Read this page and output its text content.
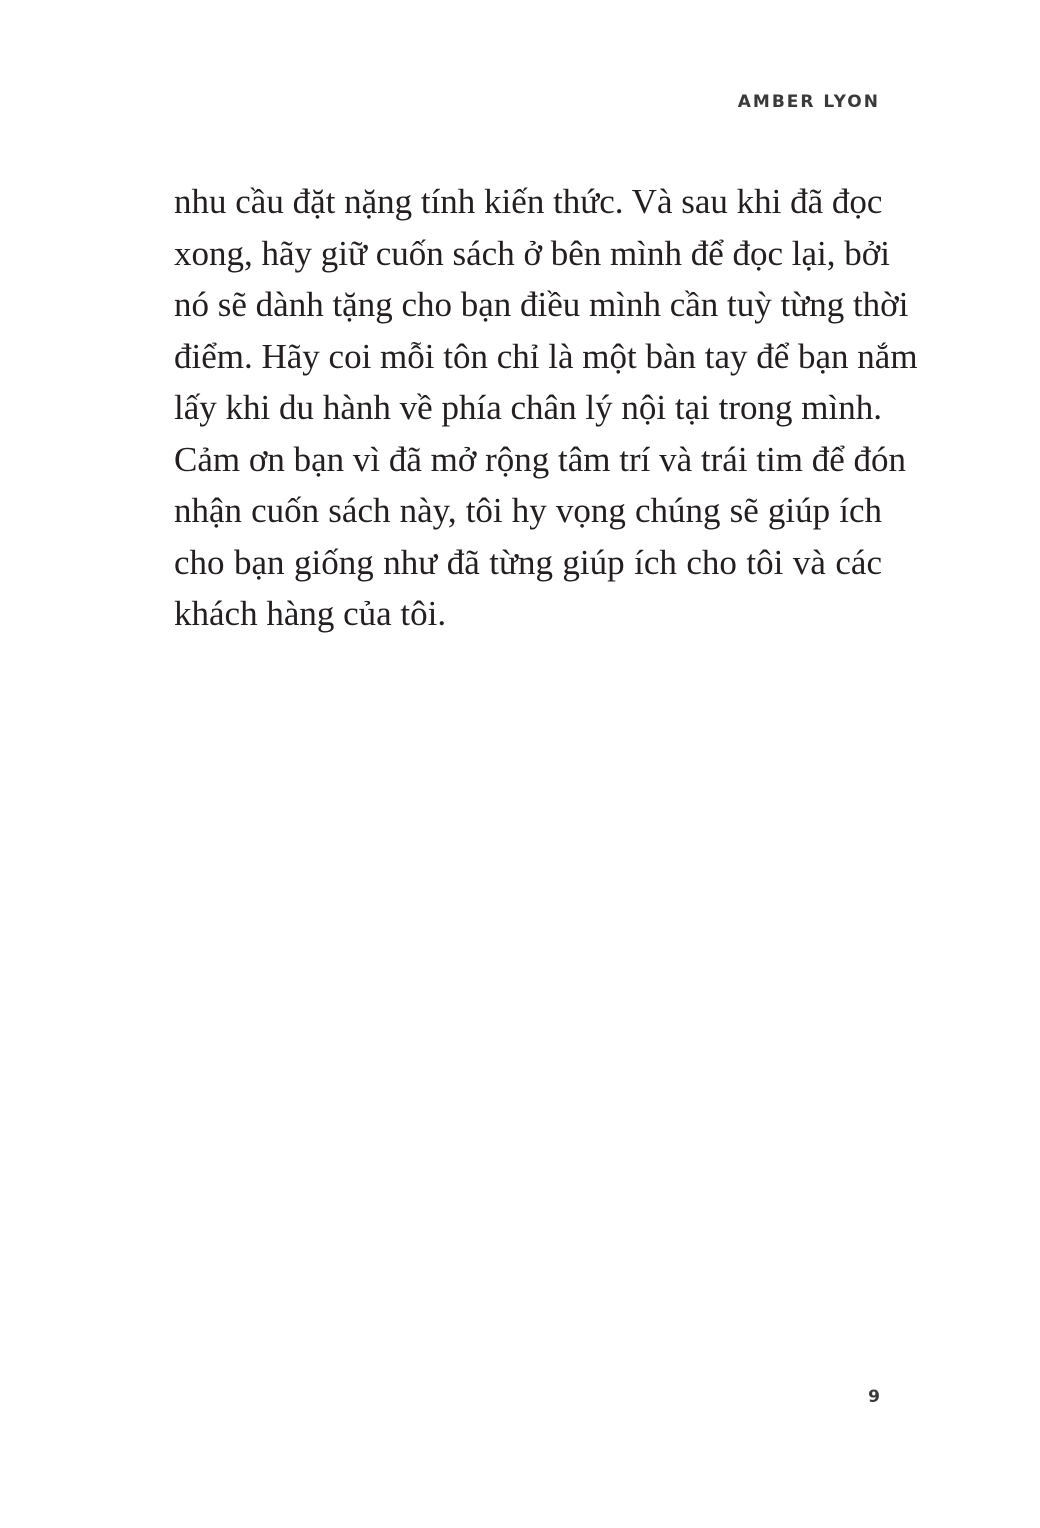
AMBER LYON
nhu cầu đặt nặng tính kiến thức. Và sau khi đã đọc
xong, hãy giữ cuốn sách ở bên mình để đọc lại, bởi
nó sẽ dành tặng cho bạn điều mình cần tuỳ từng thời
điểm. Hãy coi mỗi tôn chỉ là một bàn tay để bạn nắm
lấy khi du hành về phía chân lý nội tại trong mình.
Cảm ơn bạn vì đã mở rộng tâm trí và trái tim để đón
nhận cuốn sách này, tôi hy vọng chúng sẽ giúp ích
cho bạn giống như đã từng giúp ích cho tôi và các
khách hàng của tôi.
9
